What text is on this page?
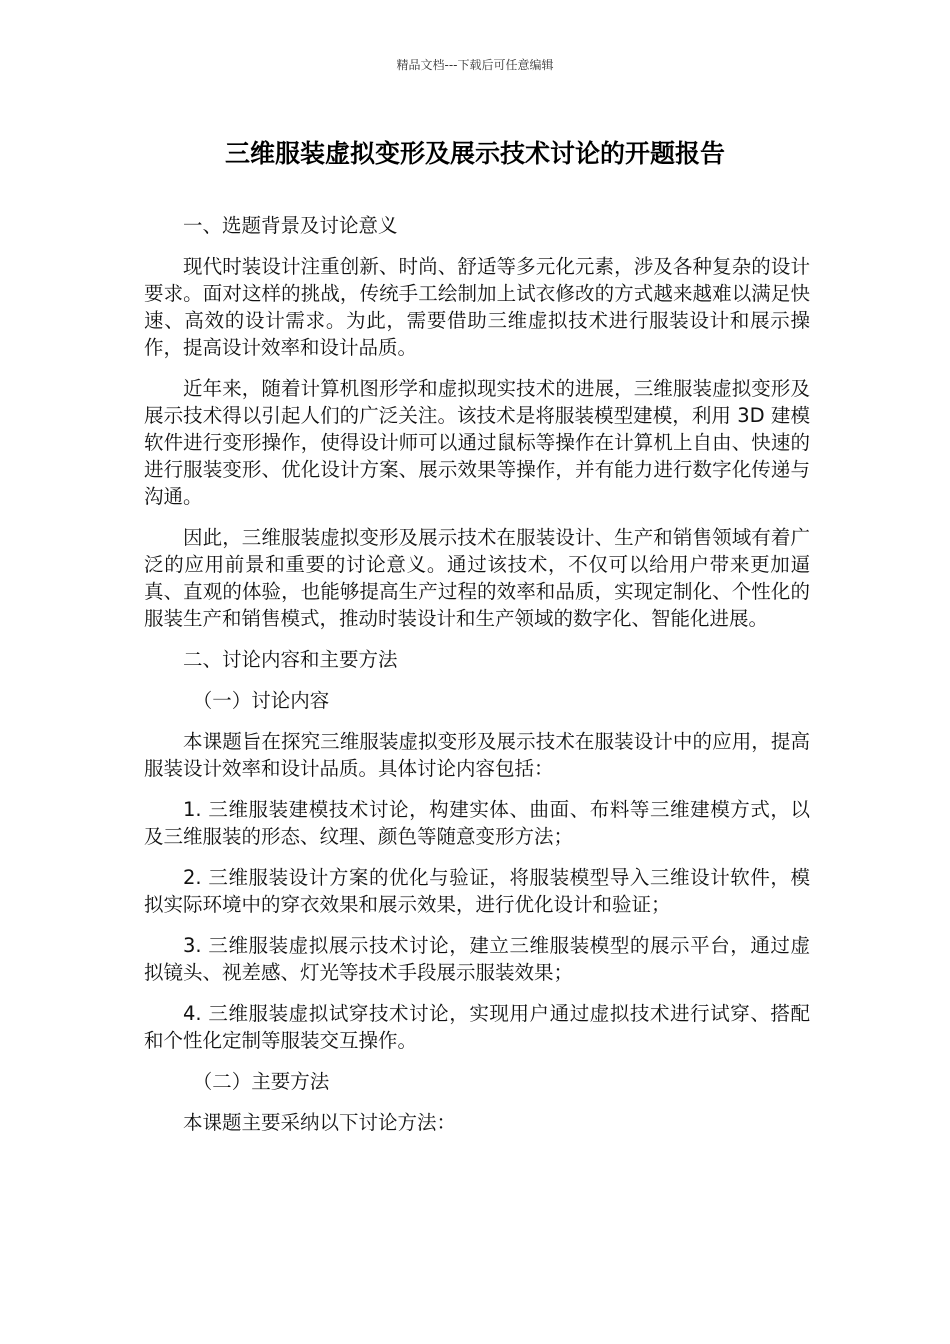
精品文档---下载后可任意编辑
三维服装虚拟变形及展示技术讨论的开题报告

一、选题背景及讨论意义

现代时装设计注重创新、时尚、舒适等多元化元素，涉及各种复杂的设计要求。面对这样的挑战，传统手工绘制加上试衣修改的方式越来越难以满足快速、高效的设计需求。为此，需要借助三维虚拟技术进行服装设计和展示操作，提高设计效率和设计品质。

近年来，随着计算机图形学和虚拟现实技术的进展，三维服装虚拟变形及展示技术得以引起人们的广泛关注。该技术是将服装模型建模，利用 3D 建模软件进行变形操作，使得设计师可以通过鼠标等操作在计算机上自由、快速的进行服装变形、优化设计方案、展示效果等操作，并有能力进行数字化传递与沟通。

因此，三维服装虚拟变形及展示技术在服装设计、生产和销售领域有着广泛的应用前景和重要的讨论意义。通过该技术，不仅可以给用户带来更加逼真、直观的体验，也能够提高生产过程的效率和品质，实现定制化、个性化的服装生产和销售模式，推动时装设计和生产领域的数字化、智能化进展。

二、讨论内容和主要方法

（一）讨论内容

本课题旨在探究三维服装虚拟变形及展示技术在服装设计中的应用，提高服装设计效率和设计品质。具体讨论内容包括：

1. 三维服装建模技术讨论，构建实体、曲面、布料等三维建模方式，以及三维服装的形态、纹理、颜色等随意变形方法；

2. 三维服装设计方案的优化与验证，将服装模型导入三维设计软件，模拟实际环境中的穿衣效果和展示效果，进行优化设计和验证；

3. 三维服装虚拟展示技术讨论，建立三维服装模型的展示平台，通过虚拟镜头、视差感、灯光等技术手段展示服装效果；

4. 三维服装虚拟试穿技术讨论，实现用户通过虚拟技术进行试穿、搭配和个性化定制等服装交互操作。

（二）主要方法

本课题主要采纳以下讨论方法：
